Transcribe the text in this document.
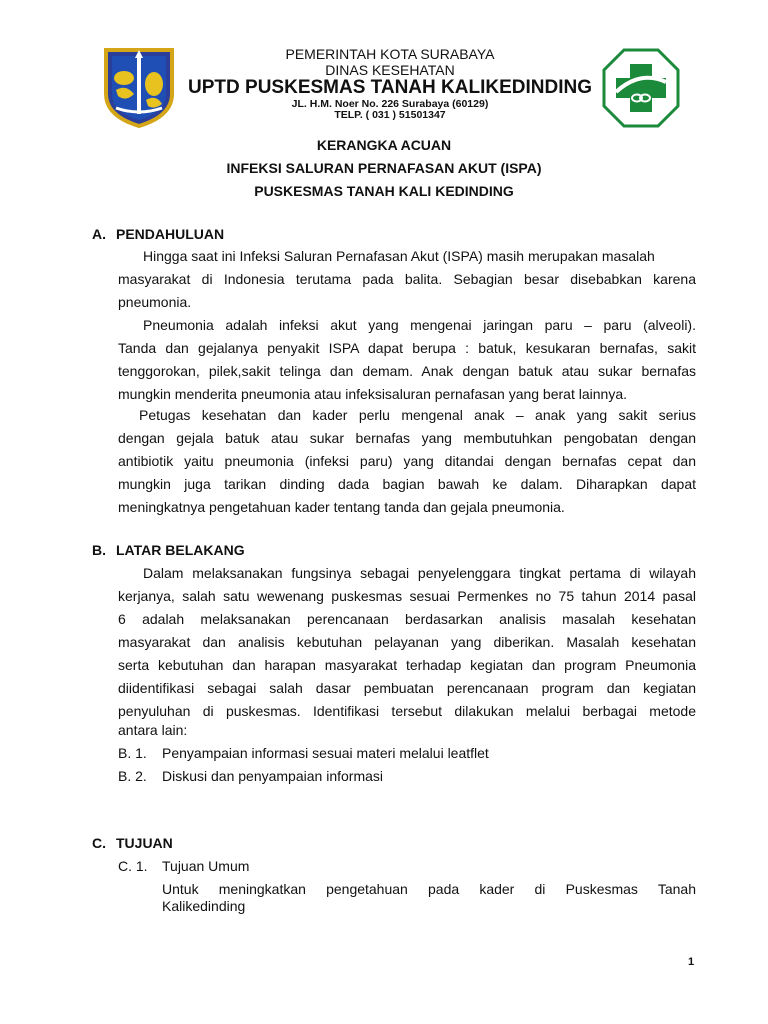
PEMERINTAH KOTA SURABAYA
DINAS KESEHATAN
UPTD PUSKESMAS TANAH KALIKEDINDING
JL. H.M. Noer No. 226 Surabaya (60129)
TELP. ( 031 ) 51501347
KERANGKA ACUAN
INFEKSI SALURAN PERNAFASAN AKUT (ISPA)
PUSKESMAS TANAH KALI KEDINDING
A. PENDAHULUAN
Hingga saat ini Infeksi Saluran Pernafasan Akut (ISPA) masih merupakan masalah
masyarakat di Indonesia terutama pada balita. Sebagian besar disebabkan karena
pneumonia.
Pneumonia adalah infeksi akut yang mengenai jaringan paru – paru (alveoli).
Tanda dan gejalanya penyakit ISPA dapat berupa : batuk, kesukaran bernafas, sakit
tenggorokan, pilek,sakit telinga dan demam. Anak dengan batuk atau sukar bernafas
mungkin menderita pneumonia atau infeksisaluran pernafasan yang berat lainnya.
Petugas kesehatan dan kader perlu mengenal anak – anak yang sakit serius
dengan gejala batuk atau sukar bernafas yang membutuhkan pengobatan dengan
antibiotik yaitu pneumonia (infeksi paru) yang ditandai dengan bernafas cepat dan
mungkin juga tarikan dinding dada bagian bawah ke dalam. Diharapkan dapat
meningkatnya pengetahuan kader tentang tanda dan gejala pneumonia.
B. LATAR BELAKANG
Dalam melaksanakan fungsinya sebagai penyelenggara tingkat pertama di wilayah
kerjanya, salah satu wewenang puskesmas sesuai Permenkes no 75 tahun 2014 pasal
6 adalah melaksanakan perencanaan berdasarkan analisis masalah kesehatan
masyarakat dan analisis kebutuhan pelayanan yang diberikan. Masalah kesehatan
serta kebutuhan dan harapan masyarakat terhadap kegiatan dan program Pneumonia
diidentifikasi sebagai salah dasar pembuatan perencanaan program dan kegiatan
penyuluhan di puskesmas. Identifikasi tersebut dilakukan melalui berbagai metode
antara lain:
B. 1. Penyampaian informasi sesuai materi melalui leatflet
B. 2. Diskusi dan penyampaian informasi
C. TUJUAN
C. 1. Tujuan Umum
Untuk meningkatkan pengetahuan pada kader di Puskesmas Tanah
Kalikedinding
1
